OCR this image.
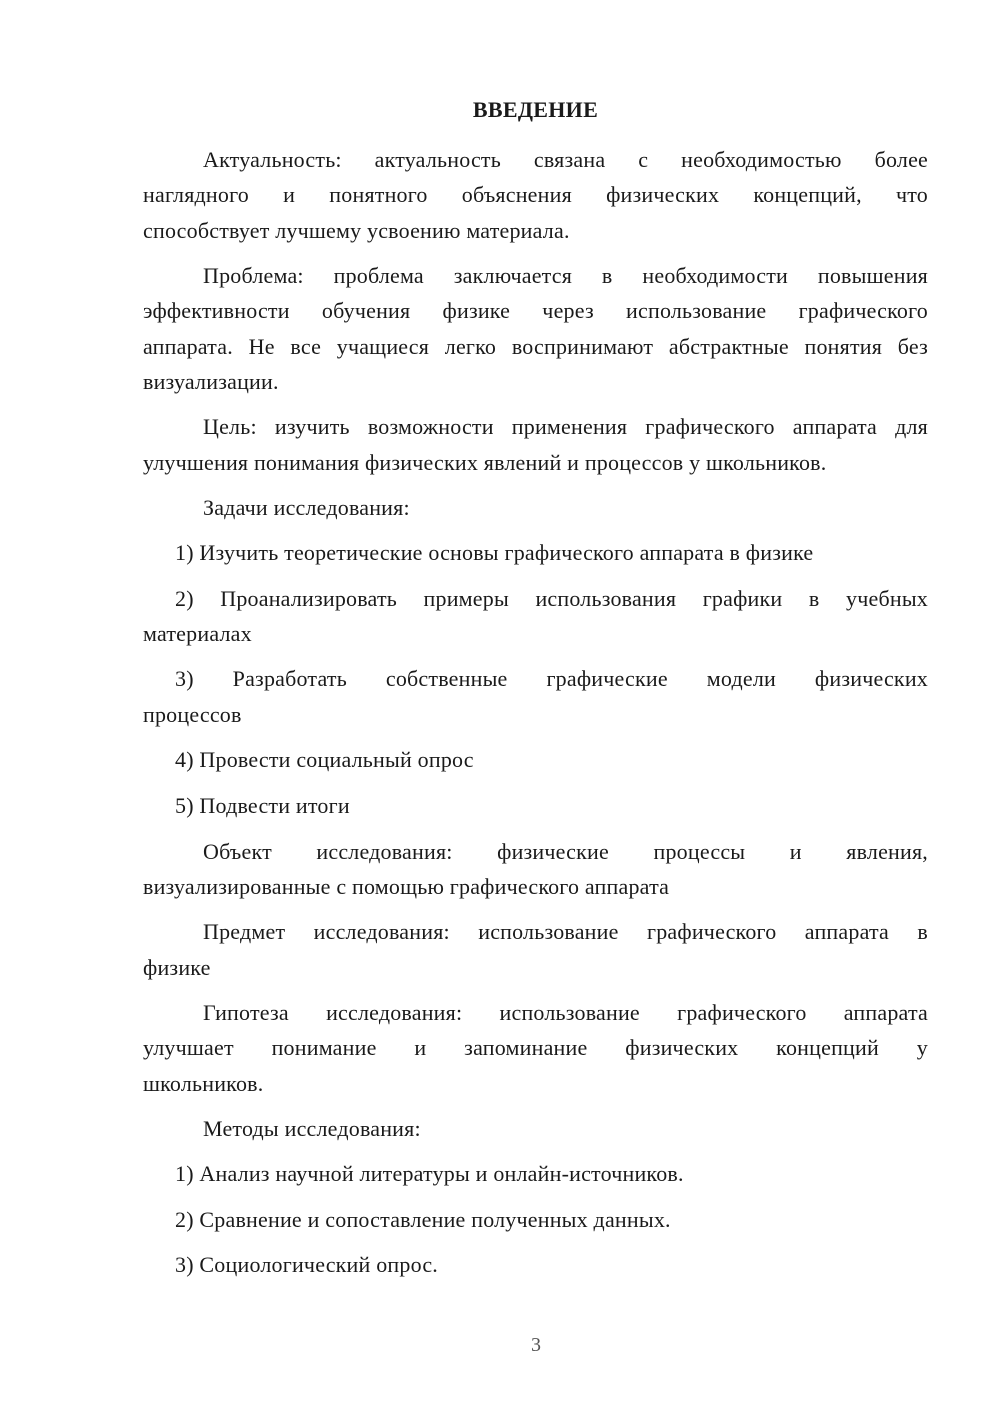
ВВЕДЕНИЕ
Актуальность: актуальность связана с необходимостью более
наглядного и понятного объяснения физических концепций, что
способствует лучшему усвоению материала.
Проблема: проблема заключается в необходимости повышения
эффективности обучения физике через использование графического
аппарата. Не все учащиеся легко воспринимают абстрактные понятия без
визуализации.
Цель: изучить возможности применения графического аппарата для
улучшения понимания физических явлений и процессов у школьников.
Задачи исследования:
1) Изучить теоретические основы графического аппарата в физике
2) Проанализировать примеры использования графики в учебных
материалах
3) Разработать собственные графические модели физических
процессов
4) Провести социальный опрос
5) Подвести итоги
Объект исследования: физические процессы и явления,
визуализированные с помощью графического аппарата
Предмет исследования: использование графического аппарата в
физике
Гипотеза исследования: использование графического аппарата
улучшает понимание и запоминание физических концепций у
школьников.
Методы исследования:
1) Анализ научной литературы и онлайн-источников.
2) Сравнение и сопоставление полученных данных.
3) Социологический опрос.
3
